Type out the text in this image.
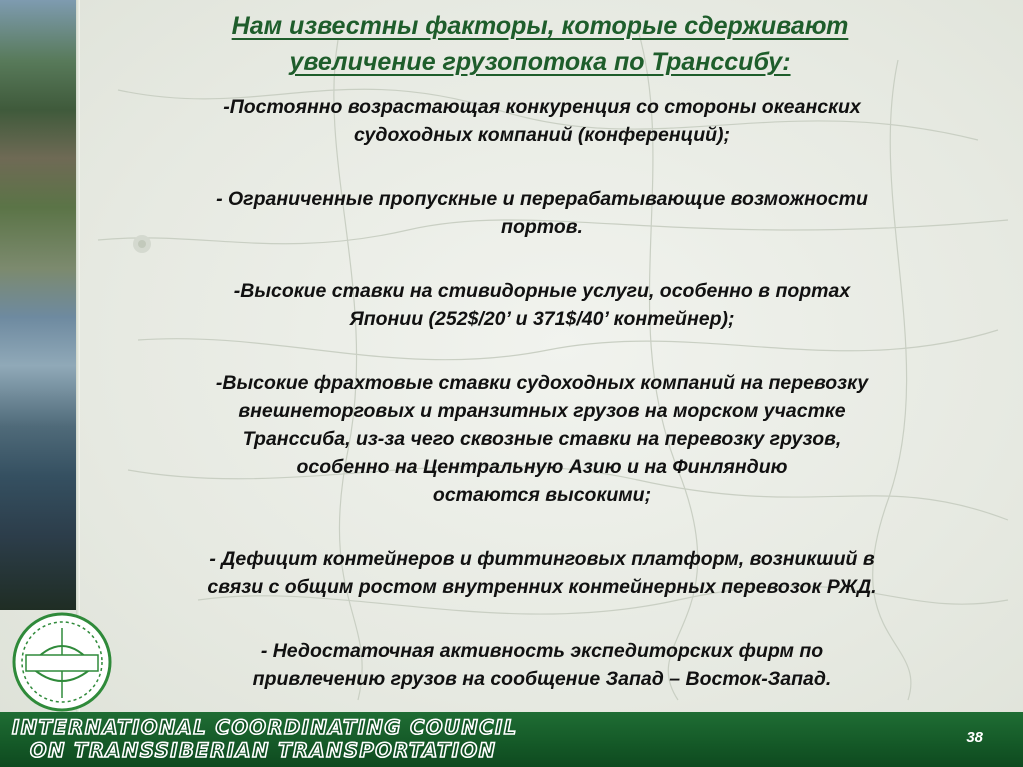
Нам известны факторы, которые сдерживают
увеличение грузопотока по Транссибу:

-Постоянно возрастающая конкуренция со стороны океанских
судоходных компаний (конференций);

- Ограниченные пропускные и перерабатывающие возможности
портов.

-Высокие ставки на стивидорные услуги, особенно в портах
Японии (252$/20’ и 371$/40’ контейнер);

-Высокие фрахтовые ставки судоходных компаний на перевозку
внешнеторговых и транзитных грузов на морском участке
Транссиба, из-за чего сквозные ставки на перевозку грузов,
особенно на Центральную Азию и на Финляндию
остаются высокими;

- Дефицит контейнеров и фиттинговых платформ, возникший в
связи с общим ростом внутренних контейнерных перевозок РЖД.

- Недостаточная активность экспедиторских фирм по
привлечению грузов на сообщение Запад – Восток-Запад.

INTERNATIONAL COORDINATING COUNCIL
ON TRANSSIBERIAN TRANSPORTATION
38
